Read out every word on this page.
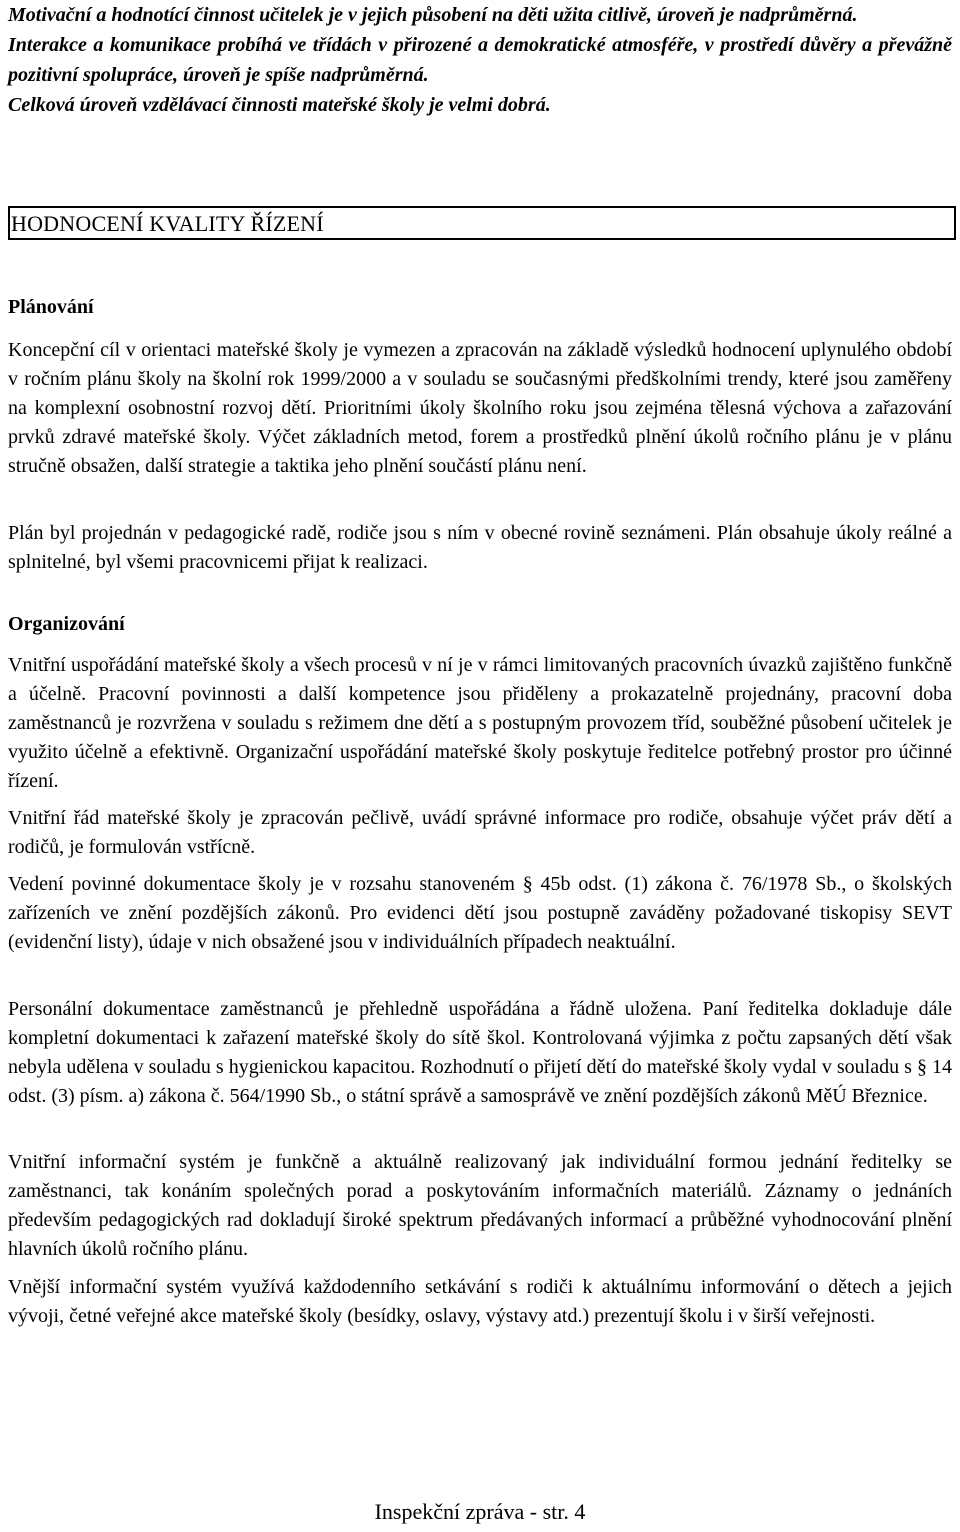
Motivační a hodnotící činnost učitelek je v jejich působení na děti užita citlivě, úroveň je nadprůměrná.

Interakce a komunikace probíhá ve třídách v přirozené a demokratické atmosféře, v prostředí důvěry a převážně pozitivní spolupráce, úroveň je spíše nadprůměrná.

Celková úroveň vzdělávací činnosti mateřské školy je velmi dobrá.

HODNOCENÍ KVALITY ŘÍZENÍ
Plánování

Koncepční cíl v orientaci mateřské školy je vymezen a zpracován na základě výsledků hodnocení uplynulého období v ročním plánu školy na školní rok 1999/2000 a v souladu se současnými předškolními trendy, které jsou zaměřeny na komplexní osobnostní rozvoj dětí. Prioritními úkoly školního roku jsou zejména tělesná výchova a zařazování prvků zdravé mateřské školy. Výčet základních metod, forem a prostředků plnění úkolů ročního plánu je v plánu stručně obsažen, další strategie a taktika jeho plnění součástí plánu není.

Plán byl projednán v pedagogické radě, rodiče jsou s ním v obecné rovině seznámeni. Plán obsahuje úkoly reálné a splnitelné, byl všemi pracovnicemi přijat k realizaci.

Organizování

Vnitřní uspořádání mateřské školy a všech procesů v ní je v rámci limitovaných pracovních úvazků zajištěno funkčně a účelně. Pracovní povinnosti a další kompetence jsou přiděleny a prokazatelně projednány, pracovní doba zaměstnanců je rozvržena v souladu s režimem dne dětí a s postupným provozem tříd, souběžné působení učitelek je využito účelně a efektivně. Organizační uspořádání mateřské školy poskytuje ředitelce potřebný prostor pro účinné řízení.

Vnitřní řád mateřské školy je zpracován pečlivě, uvádí správné informace pro rodiče, obsahuje výčet práv dětí a rodičů, je formulován vstřícně.

Vedení povinné dokumentace školy je v rozsahu stanoveném § 45b odst. (1) zákona č. 76/1978 Sb., o školských zařízeních ve znění pozdějších zákonů. Pro evidenci dětí jsou postupně zaváděny požadované tiskopisy SEVT (evidenční listy), údaje v nich obsažené jsou v individuálních případech neaktuální.

Personální dokumentace zaměstnanců je přehledně uspořádána a řádně uložena. Paní ředitelka dokladuje dále kompletní dokumentaci k zařazení mateřské školy do sítě škol. Kontrolovaná výjimka z počtu zapsaných dětí však nebyla udělena v souladu s hygienickou kapacitou. Rozhodnutí o přijetí dětí do mateřské školy vydal v souladu s § 14 odst. (3) písm. a) zákona č. 564/1990 Sb., o státní správě a samosprávě ve znění pozdějších zákonů MěÚ Březnice.

Vnitřní informační systém je funkčně a aktuálně realizovaný jak individuální formou jednání ředitelky se zaměstnanci, tak konáním společných porad a poskytováním informačních materiálů. Záznamy o jednáních především pedagogických rad dokladují široké spektrum předávaných informací a průběžné vyhodnocování plnění hlavních úkolů ročního plánu.

Vnější informační systém využívá každodenního setkávání s rodiči k aktuálnímu informování o dětech a jejich vývoji, četné veřejné akce mateřské školy (besídky, oslavy, výstavy atd.) prezentují školu i v širší veřejnosti.

Inspekční zpráva - str. 4
